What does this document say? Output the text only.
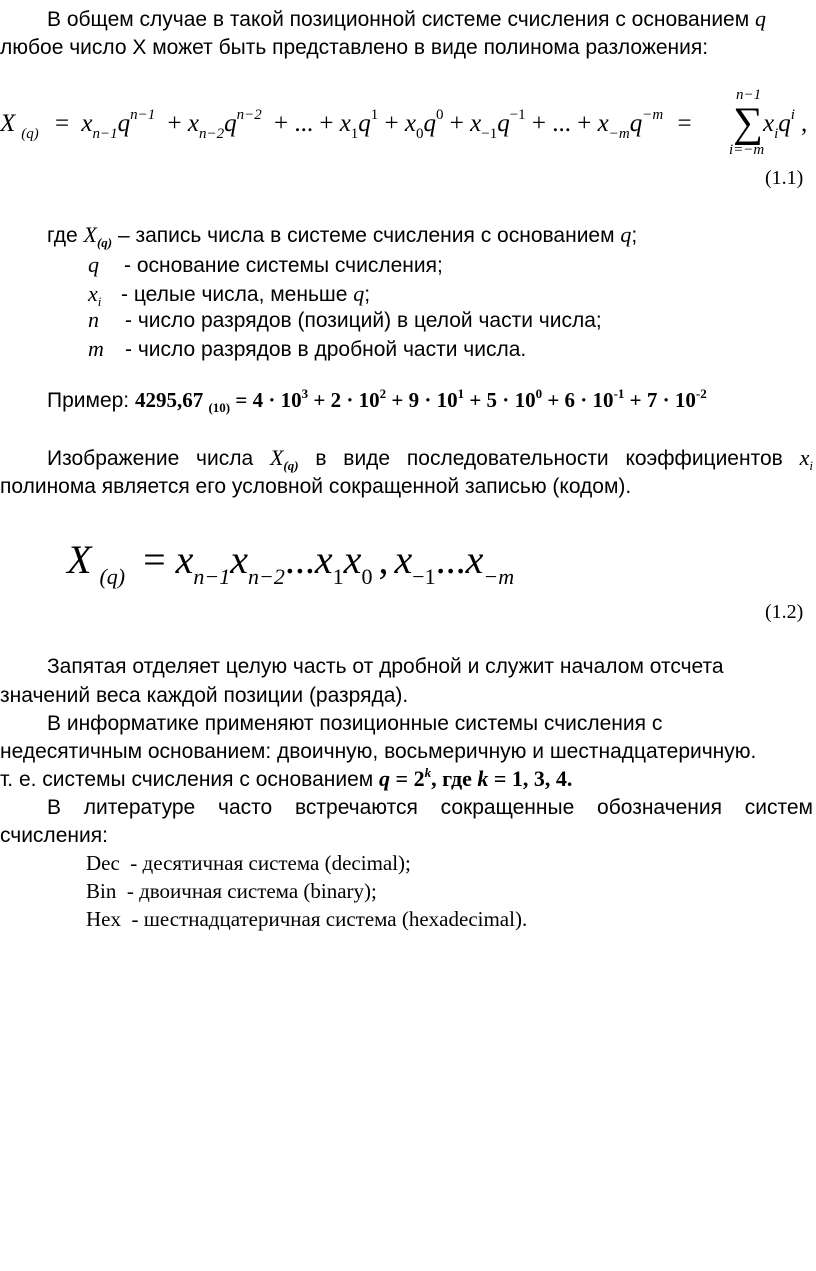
В общем случае в такой позиционной системе счисления с основанием q
любое число X может быть представлено в виде полинома разложения:
X $_{(q)} = x_{n-1}q^{n-1} + x_{n-2}q^{n-2}$ + ... + $x_1q^1 + x_0q^0 + x_{-1}q^{-1}$ + ... + $x_{-m}q^{-m}$ =
n−1
∑
i=−m
$x_iq^i$ ,
(1.1)
где $X_{(q)}$ – запись числа в системе счисления с основанием q;
q - основание системы счисления;
$x_i$ - целые числа, меньше q;
n - число разрядов (позиций) в целой части числа;
m - число разрядов в дробной части числа.
Пример: 4295,67 $_{(10)} = 4 \cdot 10^3 + 2 \cdot 10^2 + 9 \cdot 10^1 + 5 \cdot 10^0 + 6 \cdot 10^{-1} + 7 \cdot 10^{-2}$
Изображение числа $X_{(q)}$ в виде последовательности коэффициентов $x_i$
полинома является его условной сокращенной записью (кодом).
X $_{(q)} = x_{n-1}x_{n-2}...x_1x_0$ , $x_{-1}...x_{-m}$
(1.2)
Запятая отделяет целую часть от дробной и служит началом отсчета
значений веса каждой позиции (разряда).
В информатике применяют позиционные системы счисления с
недесятичным основанием: двоичную, восьмеричную и шестнадцатеричную.
т. е. системы счисления с основанием $q = 2^k$, где k = 1, 3, 4.
В литературе часто встречаются сокращенные обозначения систем
счисления:
Dec  - десятичная система (decimal);
Bin  - двоичная система (binary);
Hex  - шестнадцатеричная система (hexadecimal).
